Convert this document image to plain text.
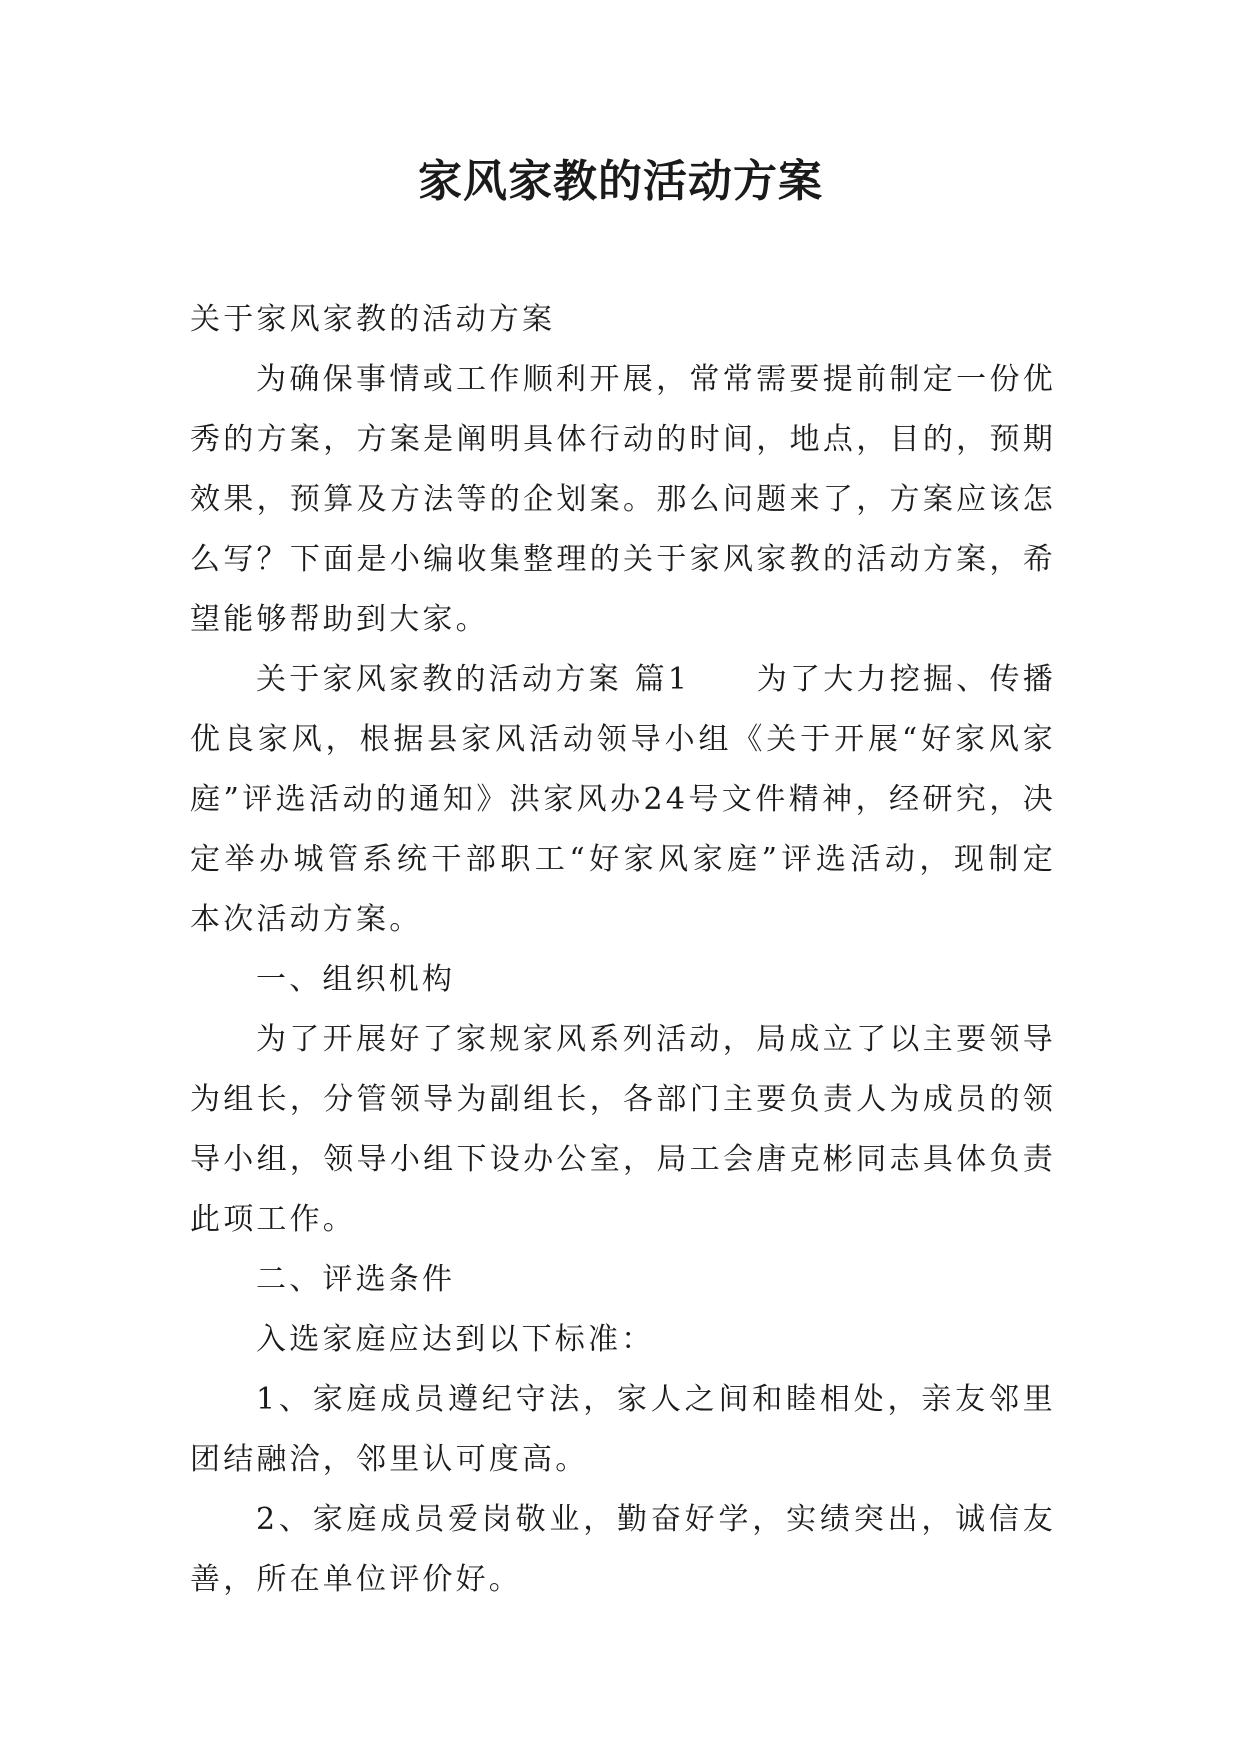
家风家教的活动方案

关于家风家教的活动方案

为确保事情或工作顺利开展，常常需要提前制定一份优秀的方案，方案是阐明具体行动的时间，地点，目的，预期效果，预算及方法等的企划案。那么问题来了，方案应该怎么写？下面是小编收集整理的关于家风家教的活动方案，希望能够帮助到大家。

关于家风家教的活动方案 篇1　　为了大力挖掘、传播优良家风，根据县家风活动领导小组《关于开展“好家风家庭”评选活动的通知》洪家风办24号文件精神，经研究，决定举办城管系统干部职工“好家风家庭”评选活动，现制定本次活动方案。

一、组织机构

为了开展好了家规家风系列活动，局成立了以主要领导为组长，分管领导为副组长，各部门主要负责人为成员的领导小组，领导小组下设办公室，局工会唐克彬同志具体负责此项工作。

二、评选条件

入选家庭应达到以下标准：

1、家庭成员遵纪守法，家人之间和睦相处，亲友邻里团结融洽，邻里认可度高。

2、家庭成员爱岗敬业，勤奋好学，实绩突出，诚信友善，所在单位评价好。
